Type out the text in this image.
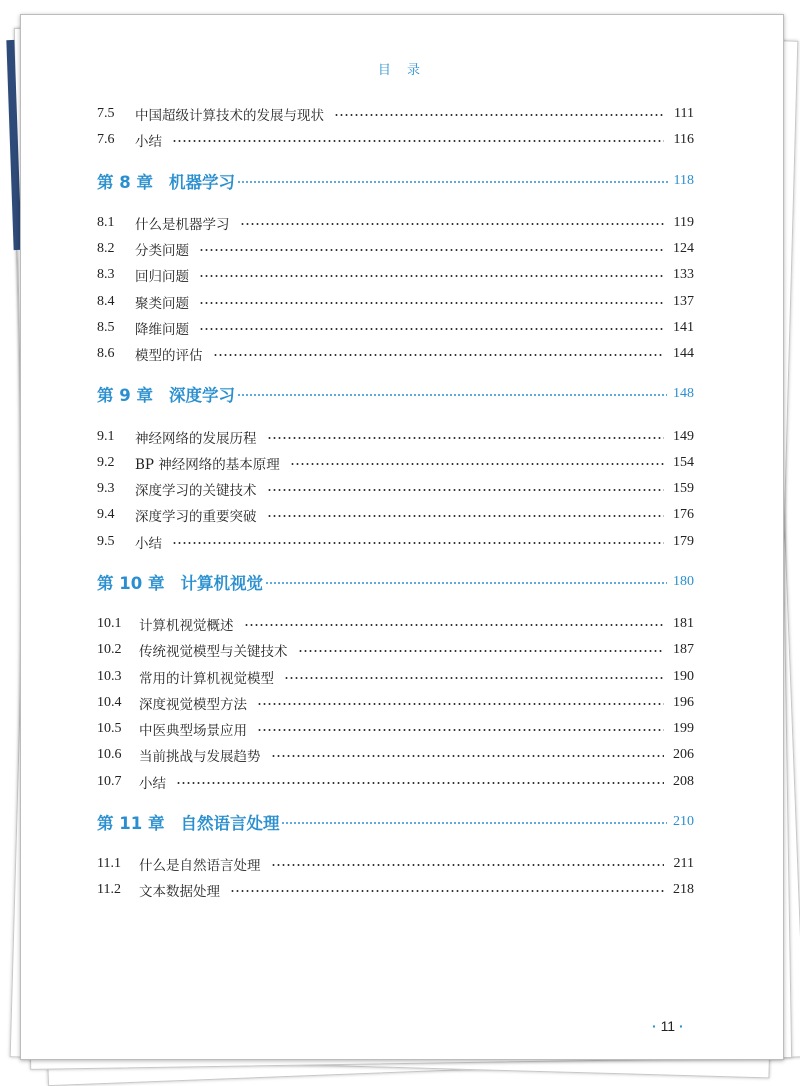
目 录
7.5	中国超级计算技术的发展与现状	111
7.6	小结	116
第 8 章 机器学习	118
8.1	什么是机器学习	119
8.2	分类问题	124
8.3	回归问题	133
8.4	聚类问题	137
8.5	降维问题	141
8.6	模型的评估	144
第 9 章 深度学习	148
9.1	神经网络的发展历程	149
9.2	BP 神经网络的基本原理	154
9.3	深度学习的关键技术	159
9.4	深度学习的重要突破	176
9.5	小结	179
第 10 章 计算机视觉	180
10.1	计算机视觉概述	181
10.2	传统视觉模型与关键技术	187
10.3	常用的计算机视觉模型	190
10.4	深度视觉模型方法	196
10.5	中医典型场景应用	199
10.6	当前挑战与发展趋势	206
10.7	小结	208
第 11 章 自然语言处理	210
11.1	什么是自然语言处理	211
11.2	文本数据处理	218
· 11 ·
